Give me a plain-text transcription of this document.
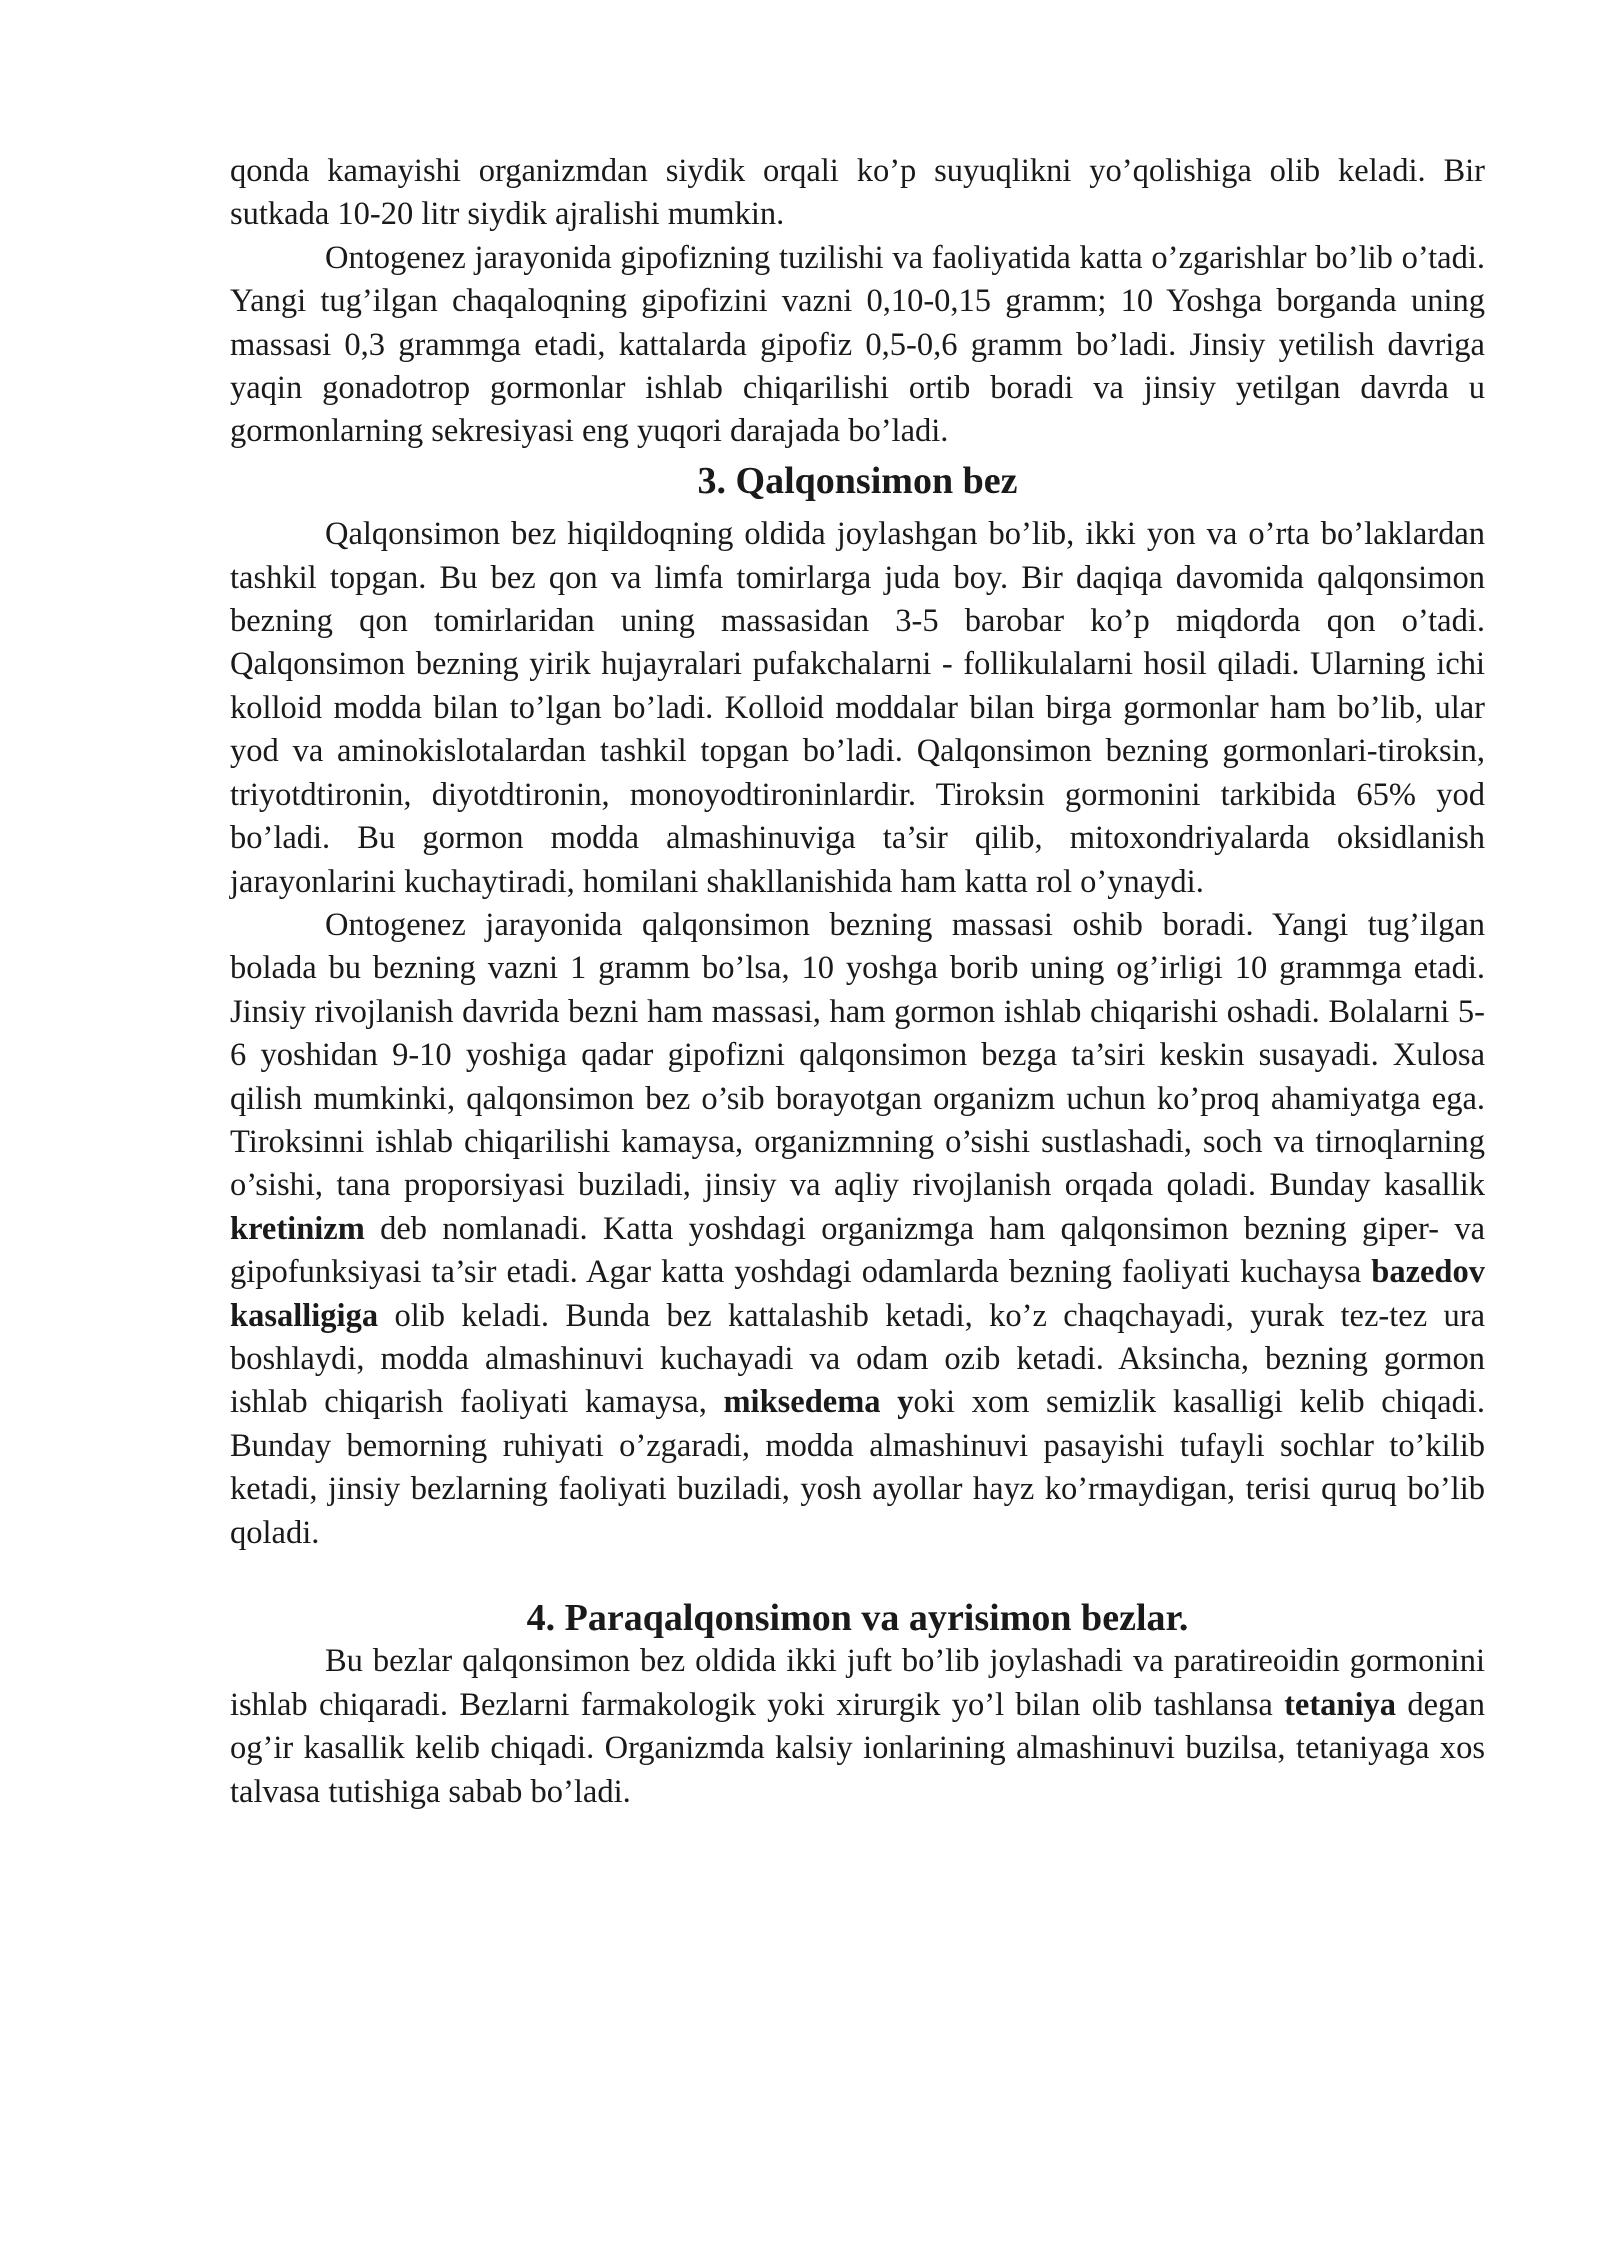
qonda kamayishi organizmdan siydik orqali ko’p suyuqlikni yo’qolishiga olib keladi. Bir sutkada 10-20 litr siydik ajralishi mumkin.

Ontogenez jarayonida gipofizning tuzilishi va faoliyatida katta o’zgarishlar bo’lib o’tadi. Yangi tug’ilgan chaqaloqning gipofizini vazni 0,10-0,15 gramm; 10 Yoshga borganda uning massasi 0,3 grammga etadi, kattalarda gipofiz 0,5-0,6 gramm bo’ladi. Jinsiy yetilish davriga yaqin gonadotrop gormonlar ishlab chiqarilishi ortib boradi va jinsiy yetilgan davrda u gormonlarning sekresiyasi eng yuqori darajada bo’ladi.

3. Qalqonsimon bez

Qalqonsimon bez hiqildoqning oldida joylashgan bo’lib, ikki yon va o’rta bo’laklardan tashkil topgan. Bu bez qon va limfa tomirlarga juda boy. Bir daqiqa davomida qalqonsimon bezning qon tomirlaridan uning massasidan 3-5 barobar ko’p miqdorda qon o’tadi. Qalqonsimon bezning yirik hujayralari pufakchalarni - follikulalarni hosil qiladi. Ularning ichi kolloid modda bilan to’lgan bo’ladi. Kolloid moddalar bilan birga gormonlar ham bo’lib, ular yod va aminokislotalardan tashkil topgan bo’ladi. Qalqonsimon bezning gormonlari-tiroksin, triyotdtironin, diyotdtironin, monoyodtironinlardir. Tiroksin gormonini tarkibida 65% yod bo’ladi. Bu gormon modda almashinuviga ta’sir qilib, mitoxondriyalarda oksidlanish jarayonlarini kuchaytiradi, homilani shakllanishida ham katta rol o’ynaydi.

Ontogenez jarayonida qalqonsimon bezning massasi oshib boradi. Yangi tug’ilgan bolada bu bezning vazni 1 gramm bo’lsa, 10 yoshga borib uning og’irligi 10 grammga etadi. Jinsiy rivojlanish davrida bezni ham massasi, ham gormon ishlab chiqarishi oshadi. Bolalarni 5- 6 yoshidan 9-10 yoshiga qadar gipofizni qalqonsimon bezga ta’siri keskin susayadi. Xulosa qilish mumkinki, qalqonsimon bez o’sib borayotgan organizm uchun ko’proq ahamiyatga ega. Tiroksinni ishlab chiqarilishi kamaysa, organizmning o’sishi sustlashadi, soch va tirnoqlarning o’sishi, tana proporsiyasi buziladi, jinsiy va aqliy rivojlanish orqada qoladi. Bunday kasallik kretinizm deb nomlanadi. Katta yoshdagi organizmga ham qalqonsimon bezning giper- va gipofunksiyasi ta’sir etadi. Agar katta yoshdagi odamlarda bezning faoliyati kuchaysa bazedov kasalligiga olib keladi. Bunda bez kattalashib ketadi, ko’z chaqchayadi, yurak tez-tez ura boshlaydi, modda almashinuvi kuchayadi va odam ozib ketadi. Aksincha, bezning gormon ishlab chiqarish faoliyati kamaysa, miksedema yoki xom semizlik kasalligi kelib chiqadi. Bunday bemorning ruhiyati o’zgaradi, modda almashinuvi pasayishi tufayli sochlar to’kilib ketadi, jinsiy bezlarning faoliyati buziladi, yosh ayollar hayz ko’rmaydigan, terisi quruq bo’lib qoladi.

4. Paraqalqonsimon va ayrisimon bezlar.

Bu bezlar qalqonsimon bez oldida ikki juft bo’lib joylashadi va paratireoidin gormonini ishlab chiqaradi. Bezlarni farmakologik yoki xirurgik yo’l bilan olib tashlansa tetaniya degan og’ir kasallik kelib chiqadi. Organizmda kalsiy ionlarining almashinuvi buzilsa, tetaniyaga xos talvasa tutishiga sabab bo’ladi.
